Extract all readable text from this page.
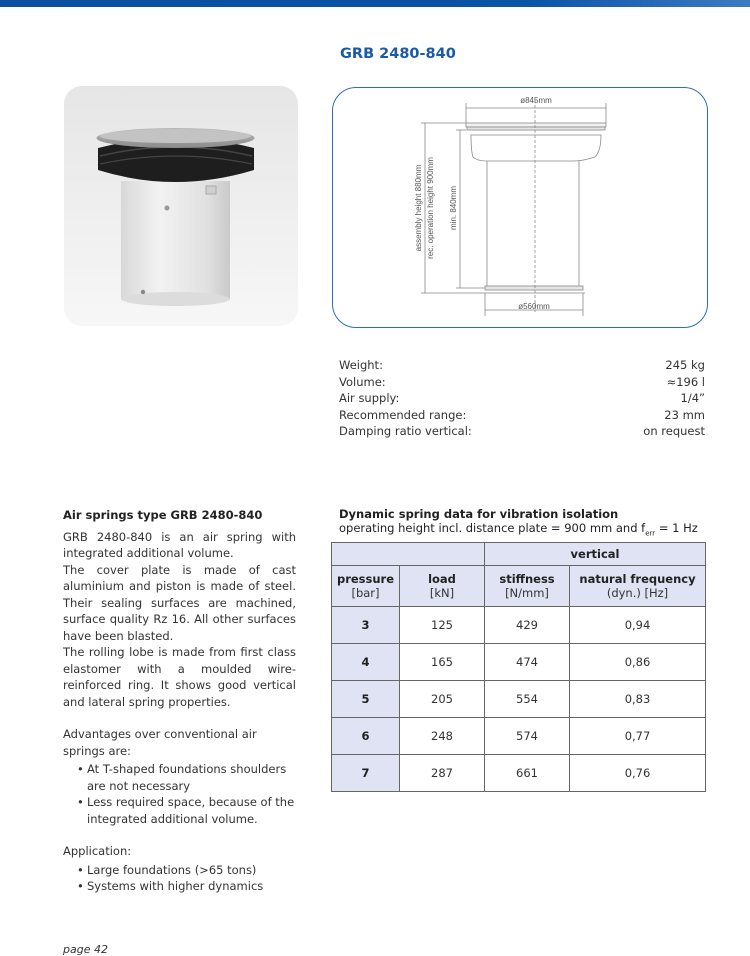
GRB 2480-840
ø845mm
ø560mm
assembly height 880mm rec. operation height 900mm min. 840mm
Weight:	245 kg
Volume:	≈196 l
Air supply:	1/4”
Recommended range:	23 mm
Damping ratio vertical:	on request
Air springs type GRB 2480-840

GRB 2480-840 is an air spring with integrated additional volume.

The cover plate is made of cast aluminium and piston is made of steel. Their sealing surfaces are machined, surface quality Rz 16. All other surfaces have been blasted.

The rolling lobe is made from first class elastomer with a moulded wire-reinforced ring. It shows good vertical and lateral spring properties.

Advantages over conventional air springs are:
• At T-shaped foundations shoulders are not necessary
• Less required space, because of the integrated additional volume.
Application:
• Large foundations (>65 tons)
• Systems with higher dynamics
Dynamic spring data for vibration isolation
operating height incl. distance plate = 900 mm and $f_{err} = 1$ Hz
		vertical	
pressure
[bar]	load
[kN]	stiffness
[N/mm]	natural frequency
(dyn.) [Hz]
3	125	429	0,94
4	165	474	0,86
5	205	554	0,83
6	248	574	0,77
7	287	661	0,76
page 42
